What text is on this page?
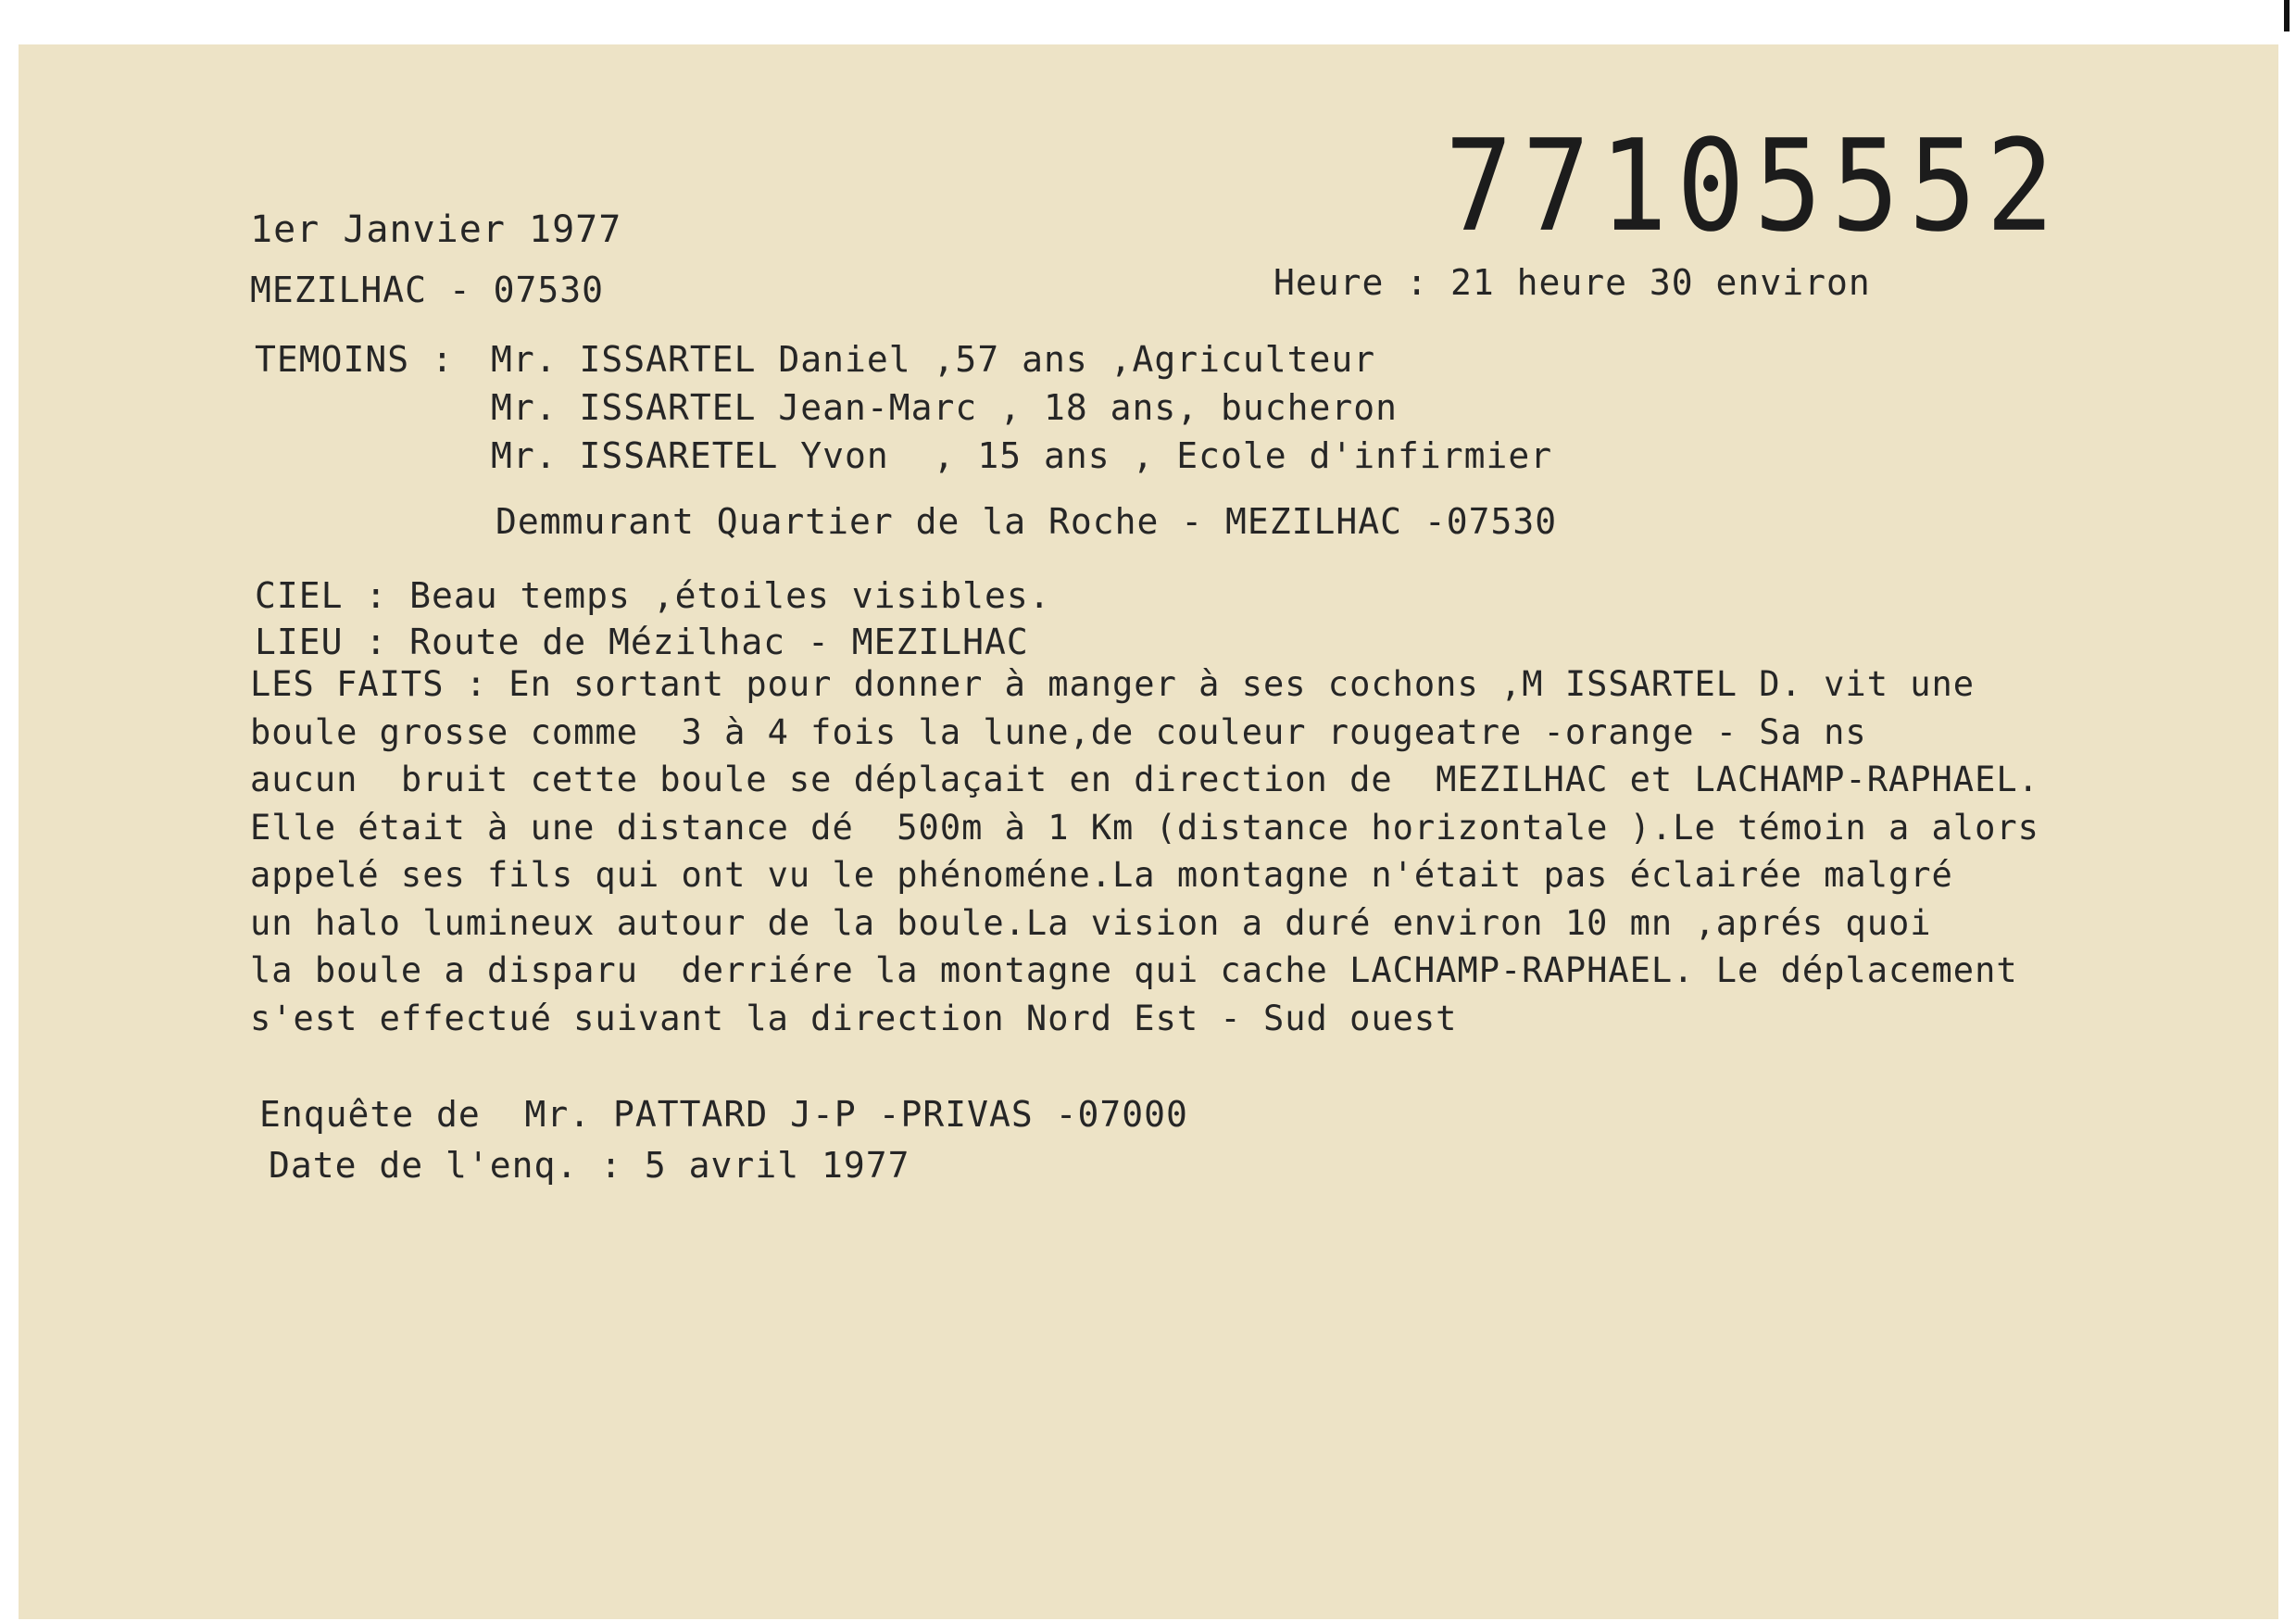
77105552
1er Janvier 1977
MEZILHAC - 07530	Heure : 21 heure 30 environ
TEMOINS : Mr. ISSARTEL Daniel ,57 ans ,Agriculteur
Mr. ISSARTEL Jean-Marc , 18 ans, bucheron
Mr. ISSARETEL Yvon  , 15 ans , Ecole d'infirmier
Demmurant Quartier de la Roche - MEZILHAC -07530
CIEL : Beau temps ,étoiles visibles.
LIEU : Route de Mézilhac - MEZILHAC
LES FAITS : En sortant pour donner à manger à ses cochons ,M ISSARTEL D. vit une
boule grosse comme  3 à 4 fois la lune,de couleur rougeatre -orange - Sa ns
aucun  bruit cette boule se déplaçait en direction de  MEZILHAC et LACHAMP-RAPHAEL.
Elle était à une distance dé  500m à 1 Km (distance horizontale ).Le témoin a alors
appelé ses fils qui ont vu le phénoméne.La montagne n'était pas éclairée malgré
un halo lumineux autour de la boule.La vision a duré environ 10 mn ,aprés quoi
la boule a disparu  derriére la montagne qui cache LACHAMP-RAPHAEL. Le déplacement
s'est effectué suivant la direction Nord Est - Sud ouest
Enquête de  Mr. PATTARD J-P -PRIVAS -07000
Date de l'enq. : 5 avril 1977
